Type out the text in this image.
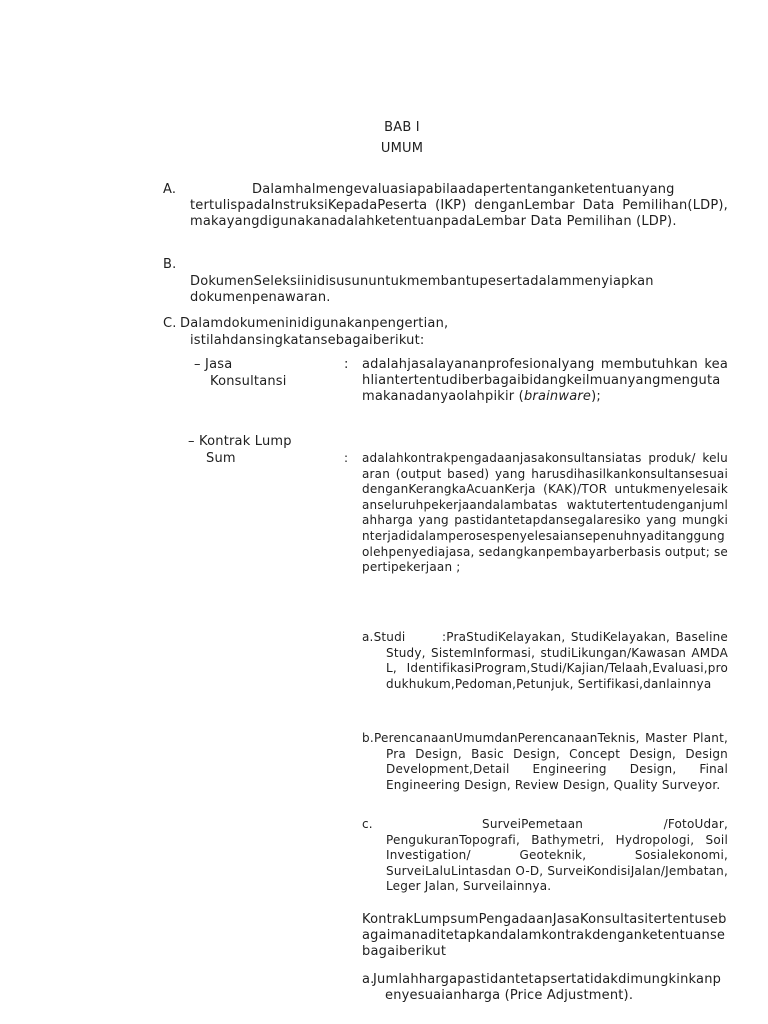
BAB I
UMUM
A.	Dalamhalmengevaluasiapabilaadapertentanganketentuanyang
tertulispadaInstruksiKepadaPeserta (IKP) denganLembar Data Pemilihan(LDP), makayangdigunakanadalahketentuanpadaLembar Data Pemilihan (LDP).
B.
DokumenSeleksiinidisusununtukmembantupesertadalammenyiapkan dokumenpenawaran.
C. Dalamdokumeninidigunakanpengertian,
istilahdansingkatansebagaiberikut:
– Jasa
Konsultansi
: adalahjasalayananprofesionalyang membutuhkan keahliantertentudiberbagaibidangkeilmuanyangmengutamakanadanyaolahpikir (brainware);
– Kontrak Lump
Sum	: adalahkontrakpengadaanjasakonsultansiatas produk/ keluaran (output based) yang harusdihasilkankonsultansesuaidenganKerangkaAcuanKerja (KAK)/TOR untukmenyelesaikanseluruhpekerjaandalambatas waktutertentudenganjumlahharga yang pastidantetapdansegalaresiko yang mungkinterjadidalamperosespenyelesaiansepenuhnyaditanggungolehpenyediajasa, sedangkanpembayarberbasis output; sepertipekerjaan ;
a.Studi	:PraStudiKelayakan, StudiKelayakan, Baseline Study, SistemInformasi, studiLikungan/Kawasan AMDAL, IdentifikasiProgram,Studi/Kajian/Telaah,Evaluasi,produkhukum,Pedoman,Petunjuk, Sertifikasi,danlainnya
b. PerencanaanUmumdanPerencanaanTeknis, Master Plant, Pra Design, Basic Design, Concept Design, Design Development,Detail Engineering Design, Final Engineering Design, Review Design, Quality Surveyor.
c.	SurveiPemetaan /FotoUdar, PengukuranTopografi, Bathymetri, Hydropologi, Soil Investigation/ Geoteknik, Sosialekonomi, SurveiLaluLintasdan O-D, SurveiKondisiJalan/Jembatan, Leger Jalan, Surveilainnya.
KontrakLumpsumPengadaanJasaKonsultasitertentusebagaimanaditetapkandalamkontrakdenganketentuansebagaiberikut
a.
Jumlahhargapastidantetapsertatidakdimungkinkanpenyesuaianharga (Price Adjustment).
